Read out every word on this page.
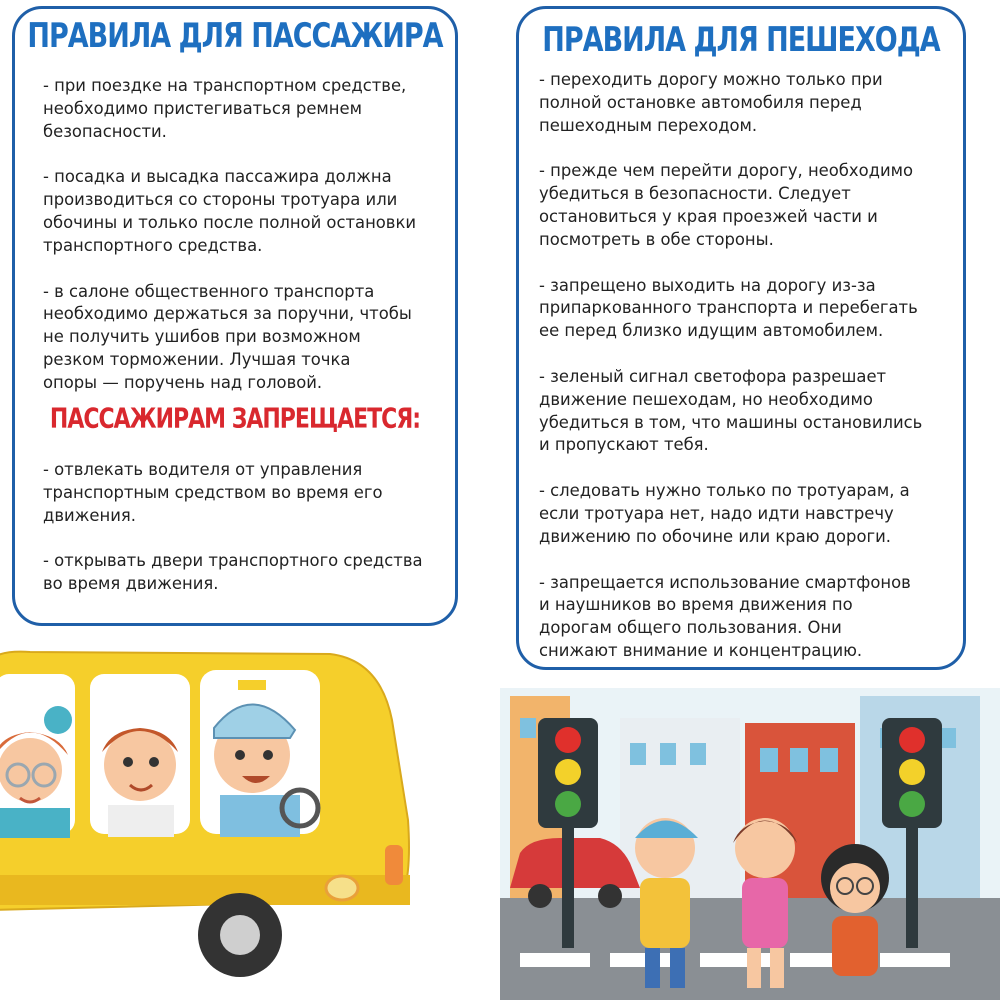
ПРАВИЛА ДЛЯ ПАССАЖИРА

- при поездке на транспортном средстве,
необходимо пристегиваться ремнем
безопасности.

- посадка и высадка пассажира должна
производиться со стороны тротуара или
обочины и только после полной остановки
транспортного средства.

- в салоне общественного транспорта
необходимо держаться за поручни, чтобы
не получить ушибов при возможном
резком торможении. Лучшая точка
опоры — поручень над головой.

ПАССАЖИРАМ ЗАПРЕЩАЕТСЯ:

- отвлекать водителя от управления
транспортным средством во время его
движения.

- открывать двери транспортного средства
во время движения.

ПРАВИЛА ДЛЯ ПЕШЕХОДА

- переходить дорогу можно только при
полной остановке автомобиля перед
пешеходным переходом.

- прежде чем перейти дорогу, необходимо
убедиться в безопасности. Следует
остановиться у края проезжей части и
посмотреть в обе стороны.

- запрещено выходить на дорогу из-за
припаркованного транспорта и перебегать
ее перед близко идущим автомобилем.

- зеленый сигнал светофора разрешает
движение пешеходам, но необходимо
убедиться в том, что машины остановились
и пропускают тебя.

- следовать нужно только по тротуарам, а
если тротуара нет, надо идти навстречу
движению по обочине или краю дороги.

- запрещается использование смартфонов
и наушников во время движения по
дорогам общего пользования. Они
снижают внимание и концентрацию.
